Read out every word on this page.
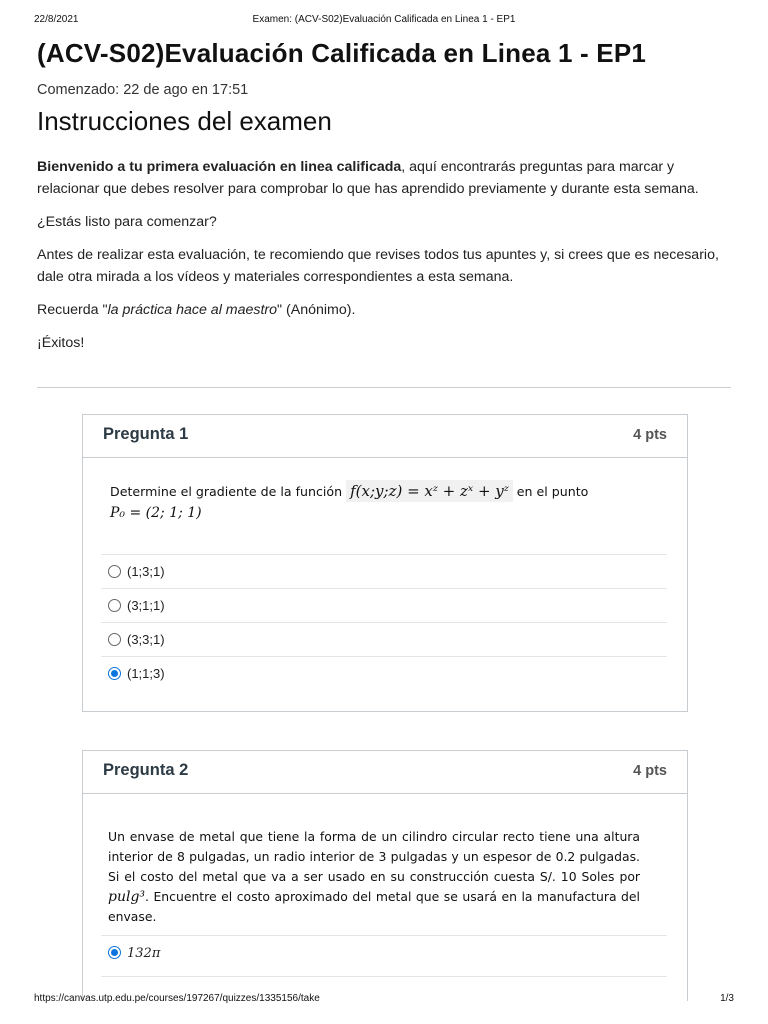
22/8/2021	Examen: (ACV-S02)Evaluación Calificada en Linea 1 - EP1
(ACV-S02)Evaluación Calificada en Linea 1 - EP1
Comenzado: 22 de ago en 17:51
Instrucciones del examen

Bienvenido a tu primera evaluación en linea calificada, aquí encontrarás preguntas para marcar y relacionar que debes resolver para comprobar lo que has aprendido previamente y durante esta semana.

¿Estás listo para comenzar?

Antes de realizar esta evaluación, te recomiendo que revises todos tus apuntes y, si crees que es necesario, dale otra mirada a los vídeos y materiales correspondientes a esta semana.

Recuerda "la práctica hace al maestro" (Anónimo).

¡Éxitos!

Pregunta 1	4 pts
Determine el gradiente de la función f(x;y;z) = xᶻ + zˣ + yᶻ en el punto
P₀ = (2; 1; 1)
(1;3;1)
(3;1;1)
(3;3;1)
(1;1;3)
Pregunta 2	4 pts
Un envase de metal que tiene la forma de un cilindro circular recto tiene una altura interior de 8 pulgadas, un radio interior de 3 pulgadas y un espesor de 0.2 pulgadas. Si el costo del metal que va a ser usado en su construcción cuesta S/. 10 Soles por pulg³. Encuentre el costo aproximado del metal que se usará en la manufactura del envase.
132π
https://canvas.utp.edu.pe/courses/197267/quizzes/1335156/take	1/3
